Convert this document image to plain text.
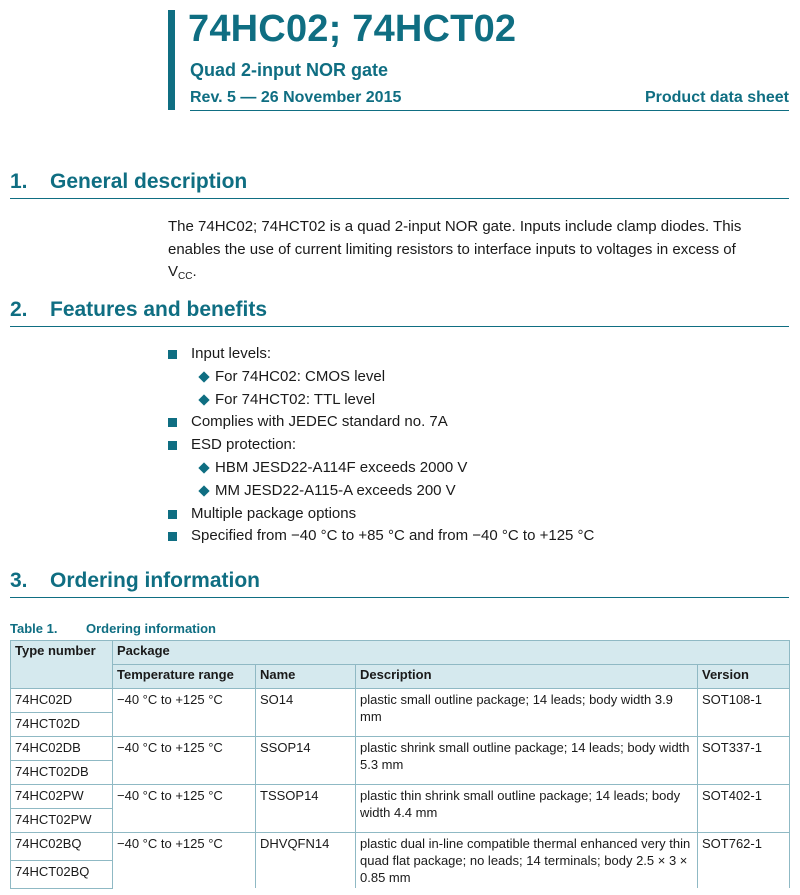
74HC02; 74HCT02
Quad 2-input NOR gate
Rev. 5 — 26 November 2015	Product data sheet
1. General description
The 74HC02; 74HCT02 is a quad 2-input NOR gate. Inputs include clamp diodes. This enables the use of current limiting resistors to interface inputs to voltages in excess of
$V_{CC}$.
2. Features and benefits
Input levels:
For 74HC02: CMOS level
For 74HCT02: TTL level
Complies with JEDEC standard no. 7A
ESD protection:
HBM JESD22-A114F exceeds 2000 V
MM JESD22-A115-A exceeds 200 V
Multiple package options
Specified from −40 °C to +85 °C and from −40 °C to +125 °C
3. Ordering information
Table 1. Ordering information
Type number	Package			
	Temperature range	Name	Description	Version
74HC02D	−40 °C to +125 °C	SO14	plastic small outline package; 14 leads; body width 3.9 mm	SOT108-1
74HCT02D				
74HC02DB	−40 °C to +125 °C	SSOP14	plastic shrink small outline package; 14 leads; body width 5.3 mm	SOT337-1
74HCT02DB				
74HC02PW	−40 °C to +125 °C	TSSOP14	plastic thin shrink small outline package; 14 leads; body width 4.4 mm	SOT402-1
74HCT02PW				
74HC02BQ	−40 °C to +125 °C	DHVQFN14	plastic dual in-line compatible thermal enhanced very thin quad flat package; no leads; 14 terminals; body 2.5 × 3 × 0.85 mm	SOT762-1
74HCT02BQ				
